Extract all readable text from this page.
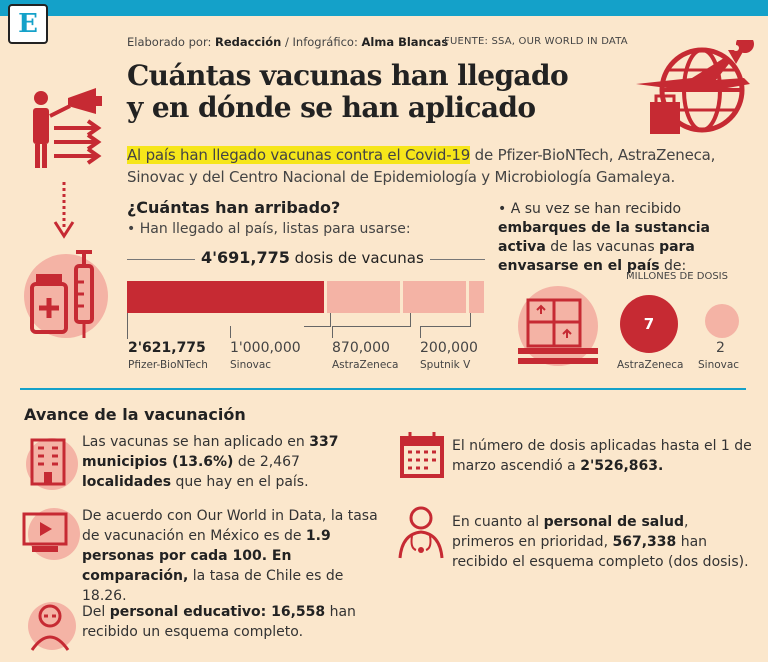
E
Elaborado por: Redacción / Infográfico: Alma Blancas
FUENTE: SSA, OUR WORLD IN DATA
Cuántas vacunas han llegado
y en dónde se han aplicado
Al país han llegado vacunas contra el Covid-19 de Pfizer-BioNTech, AstraZeneca, Sinovac y del Centro Nacional de Epidemiología y Microbiología Gamaleya.
¿Cuántas han arribado?
• Han llegado al país, listas para usarse:
4'691,775 dosis de vacunas
2'621,775
Pfizer-BioNTech
1'000,000
Sinovac
870,000
AstraZeneca
200,000
Sputnik V
• A su vez se han recibido embarques de la sustancia activa de las vacunas para envasarse en el país de:
MILLONES DE DOSIS
7
2
AstraZeneca Sinovac
Avance de la vacunación
Las vacunas se han aplicado en 337 municipios (13.6%) de 2,467 localidades que hay en el país.
De acuerdo con Our World in Data, la tasa de vacunación en México es de 1.9 personas por cada 100. En comparación, la tasa de Chile es de 18.26.
Del personal educativo: 16,558 han recibido un esquema completo.
El número de dosis aplicadas hasta el 1 de marzo ascendió a 2'526,863.
En cuanto al personal de salud, primeros en prioridad, 567,338 han recibido el esquema completo (dos dosis).
